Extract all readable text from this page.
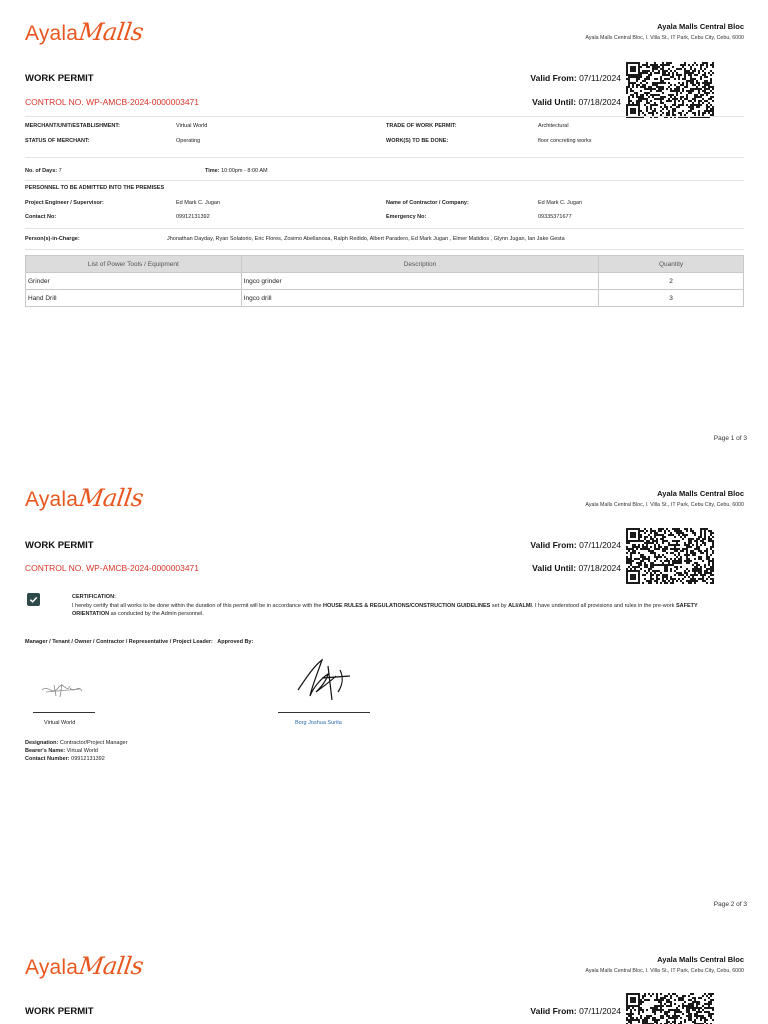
Ayala Malls	Ayala Malls Central Bloc
Ayala Malls Central Bloc, I. Villa St., IT Park, Cebu City, Cebu, 6000
WORK PERMIT
CONTROL NO. WP-AMCB-2024-0000003471
Valid From: 07/11/2024
Valid Until: 07/18/2024
MERCHANT/UNIT/ESTABLISHMENT:	Virtual World	TRADE OF WORK PERMIT:	Architectural
STATUS OF MERCHANT:	Operating	WORK(S) TO BE DONE:	floor concreting works
No. of Days: 7	Time: 10:00pm - 8:00 AM
PERSONNEL TO BE ADMITTED INTO THE PREMISES
Project Engineer / Supervisor:	Ed Mark C. Jugan	Name of Contractor / Company:	Ed Mark C. Jugan
Contact No:	09912131392	Emergency No:	09335371677
Person(s)-in-Charge:	Jhonathan Dayday, Ryan Solatorio, Eric Flores, Zosimo Abellanosa, Ralph Redido, Albert Paradero, Ed Mark Jugan , Elmer Matidios , Glynn Jugan, Ian Jake Gesta
List of Power Tools / Equipment	Description	Quantity
Grinder	Ingco grinder	2
Hand Drill	Ingco drill	3
Page 1 of 3
Ayala Malls	Ayala Malls Central Bloc
Ayala Malls Central Bloc, I. Villa St., IT Park, Cebu City, Cebu, 6000
WORK PERMIT
CONTROL NO. WP-AMCB-2024-0000003471
Valid From: 07/11/2024
Valid Until: 07/18/2024
CERTIFICATION:
I hereby certify that all works to be done within the duration of this permit will be in accordance with the HOUSE RULES & REGULATIONS/CONSTRUCTION GUIDELINES set by ALI/ALMI. I have understood all provisions and rules in the pre-work SAFETY ORIENTATION as conducted by the Admin personnel.
Manager / Tenant / Owner / Contractor / Representative / Project Leader: Approved By:
Virtual World	Borg Joshua Surita
Designation: Contractor/Project Manager
Bearer's Name: Virtual World
Contact Number: 09912131392
Page 2 of 3
Ayala Malls	Ayala Malls Central Bloc
Ayala Malls Central Bloc, I. Villa St., IT Park, Cebu City, Cebu, 6000
WORK PERMIT	Valid From: 07/11/2024
